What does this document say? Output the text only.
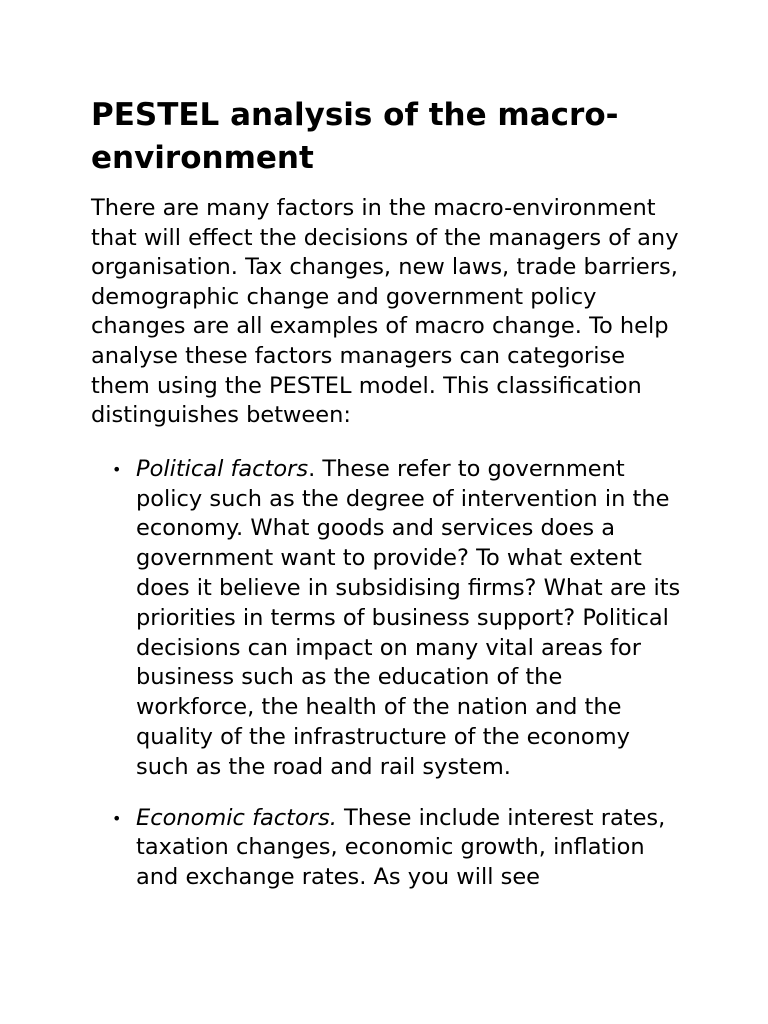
PESTEL analysis of the macro-environment

There are many factors in the macro-environment that will effect the decisions of the managers of any organisation. Tax changes, new laws, trade barriers, demographic change and government policy changes are all examples of macro change. To help analyse these factors managers can categorise them using the PESTEL model. This classification distinguishes between:

• Political factors. These refer to government policy such as the degree of intervention in the economy. What goods and services does a government want to provide? To what extent does it believe in subsidising firms? What are its priorities in terms of business support? Political decisions can impact on many vital areas for business such as the education of the workforce, the health of the nation and the quality of the infrastructure of the economy such as the road and rail system.
• Economic factors. These include interest rates, taxation changes, economic growth, inflation and exchange rates. As you will see
